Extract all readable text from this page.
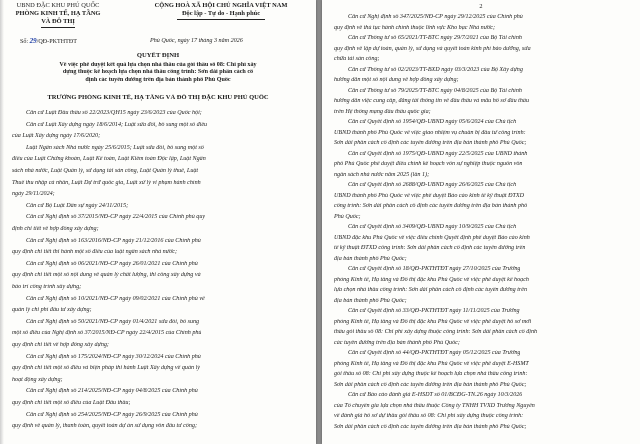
UBND ĐẶC KHU PHÚ QUỐC
PHÒNG KINH TẾ, HẠ TẦNG
VÀ ĐÔ THỊ
CỘNG HOÀ XÃ HỘI CHỦ NGHĨA VIỆT NAM
Độc lập - Tự do - Hạnh phúc
Số: 29/QĐ-PKTHTĐT	Phú Quốc, ngày 17 tháng 3 năm 2026
QUYẾT ĐỊNH
Về việc phê duyệt kết quả lựa chọn nhà thầu của gói thầu số 08: Chi phí xây
dựng thuộc kế hoạch lựa chọn nhà thầu công trình: Sơn dải phân cách cố
định các tuyến đường trên địa bàn thành phố Phú Quốc
TRƯỞNG PHÒNG KINH TẾ, HẠ TẦNG VÀ ĐÔ THỊ ĐẶC KHU PHÚ QUỐC
Căn cứ Luật Đấu thầu số 22/2023/QH15 ngày 23/6/2023 của Quốc hội;
Căn cứ Luật Xây dựng ngày 18/6/2014; Luật sửa đổi, bổ sung một số điều
của Luật Xây dựng ngày 17/6/2020;
Luật Ngân sách Nhà nước ngày 25/6/2015; Luật sửa đổi, bổ sung một số
điều của Luật Chứng khoán, Luật Kế toán, Luật Kiểm toán Độc lập, Luật Ngân
sách nhà nước, Luật Quản lý, sử dụng tài sản công, Luật Quản lý thuế, Luật
Thuế thu nhập cá nhân, Luật Dự trữ quốc gia, Luật xử lý vi phạm hành chính
ngày 29/11/2024;
Căn cứ Bộ Luật Dân sự ngày 24/11/2015;
Căn cứ Nghị định số 37/2015/NĐ-CP ngày 22/4/2015 của Chính phủ quy
định chi tiết về hợp đồng xây dựng;
Căn cứ Nghị định số 163/2016/NĐ-CP ngày 21/12/2016 của Chính phủ
quy định chi tiết thi hành một số điều của luật ngân sách nhà nước;
Căn cứ Nghị định số 06/2021/NĐ-CP ngày 26/01/2021 của Chính phủ
quy định chi tiết một số nội dung về quản lý chất lượng, thi công xây dựng và
bảo trì công trình xây dựng;
Căn cứ Nghị định số 10/2021/NĐ-CP ngày 09/02/2021 của Chính phủ về
quản lý chi phí đầu tư xây dựng;
Căn cứ Nghị định số 50/2021/NĐ-CP ngày 01/4/2021 sửa đổi, bổ sung
một số điều của Nghị định số 37/2015/NĐ-CP ngày 22/4/2015 của Chính phủ
quy định chi tiết về hợp đồng xây dựng;
Căn cứ Nghị định số 175/2024/NĐ-CP ngày 30/12/2024 của Chính phủ
quy định chi tiết một số điều và biện pháp thi hành Luật Xây dựng về quản lý
hoạt động xây dựng;
Căn cứ Nghị định số 214/2025/NĐ-CP ngày 04/8/2025 của Chính phủ
quy định chi tiết một số điều của Luật Đấu thầu;
Căn cứ Nghị định số 254/2025/NĐ-CP ngày 26/9/2025 của Chính phủ
quy định về quản lý, thanh toán, quyết toán dự án sử dụng vốn đầu tư công;
2
Căn cứ Nghị định số 347/2025/NĐ-CP ngày 29/12/2025 của Chính phủ
quy định về thủ tục hành chính thuộc lĩnh vực Kho bạc Nhà nước;
Căn cứ Thông tư số 65/2021/TT-BTC ngày 29/7/2021 của Bộ Tài chính
quy định về lập dự toán, quản lý, sử dụng và quyết toán kinh phí bảo dưỡng, sửa
chữa tài sản công;
Căn cứ Thông tư số 02/2023/TT-BXD ngày 03/3/2023 của Bộ Xây dựng
hướng dẫn một số nội dung về hợp đồng xây dựng;
Căn cứ Thông tư số 79/2025/TT-BTC ngày 04/8/2025 của Bộ Tài chính
hướng dẫn việc cung cấp, đăng tải thông tin về đấu thầu và mẫu hồ sơ đấu thầu
trên Hệ thống mạng đấu thầu quốc gia;
Căn cứ Quyết định số 1954/QĐ-UBND ngày 05/6/2024 của Chủ tịch
UBND thành phố Phú Quốc về việc giao nhiệm vụ chuẩn bị đầu tư công trình:
Sơn dải phân cách cố định các tuyến đường trên địa bàn thành phố Phú Quốc;
Căn cứ Quyết định số 1975/QĐ-UBND ngày 22/5/2025 của UBND thành
phố Phú Quốc phê duyệt điều chỉnh kế hoạch vốn sự nghiệp thuộc nguồn vốn
ngân sách nhà nước năm 2025 (lần 1);
Căn cứ Quyết định số 2688/QĐ-UBND ngày 26/6/2025 của Chủ tịch
UBND thành phố Phú Quốc về việc phê duyệt Báo cáo kinh tế kỹ thuật ĐTXD
công trình: Sơn dải phân cách cố định các tuyến đường trên địa bàn thành phố
Phú Quốc;
Căn cứ Quyết định số 3409/QĐ-UBND ngày 10/9/2025 của Chủ tịch
UBND đặc khu Phú Quốc về việc điều chỉnh Quyết định phê duyệt Báo cáo kinh
tế kỹ thuật ĐTXD công trình: Sơn dải phân cách cố định các tuyến đường trên
địa bàn thành phố Phú Quốc;
Căn cứ Quyết định số 18/QĐ-PKTHTĐT ngày 27/10/2025 của Trưởng
phòng Kinh tế, Hạ tầng và Đô thị đặc khu Phú Quốc về việc phê duyệt kế hoạch
lựa chọn nhà thầu công trình: Sơn dải phân cách cố định các tuyến đường trên
địa bàn thành phố Phú Quốc;
Căn cứ Quyết định số 33/QĐ-PKTHTĐT ngày 11/11/2025 của Trưởng
phòng Kinh tế, Hạ tầng và Đô thị đặc khu Phú Quốc về việc phê duyệt hồ sơ mời
thầu gói thầu số 08: Chi phí xây dựng thuộc công trình: Sơn dải phân cách cố định
các tuyến đường trên địa bàn thành phố Phú Quốc;
Căn cứ Quyết định số 44/QĐ-PKTHTĐT ngày 05/12/2025 của Trưởng
phòng Kinh tế, Hạ tầng và Đô thị đặc khu Phú Quốc về việc phê duyệt E-HSMT
gói thầu số 08: Chi phí xây dựng thuộc kế hoạch lựa chọn nhà thầu công trình:
Sơn dải phân cách cố định các tuyến đường trên địa bàn thành phố Phú Quốc;
Căn cứ Báo cáo đánh giá E-HSDT số 01/BCĐG-TN.26 ngày 10/3/2026
của Tổ chuyên gia lựa chọn nhà thầu thuộc Công ty TNHH TVXD Trường Nguyên
về đánh giá hồ sơ dự thầu gói thầu số 08: Chi phí xây dựng thuộc công trình:
Sơn dải phân cách cố định các tuyến đường trên địa bàn thành phố Phú Quốc;
